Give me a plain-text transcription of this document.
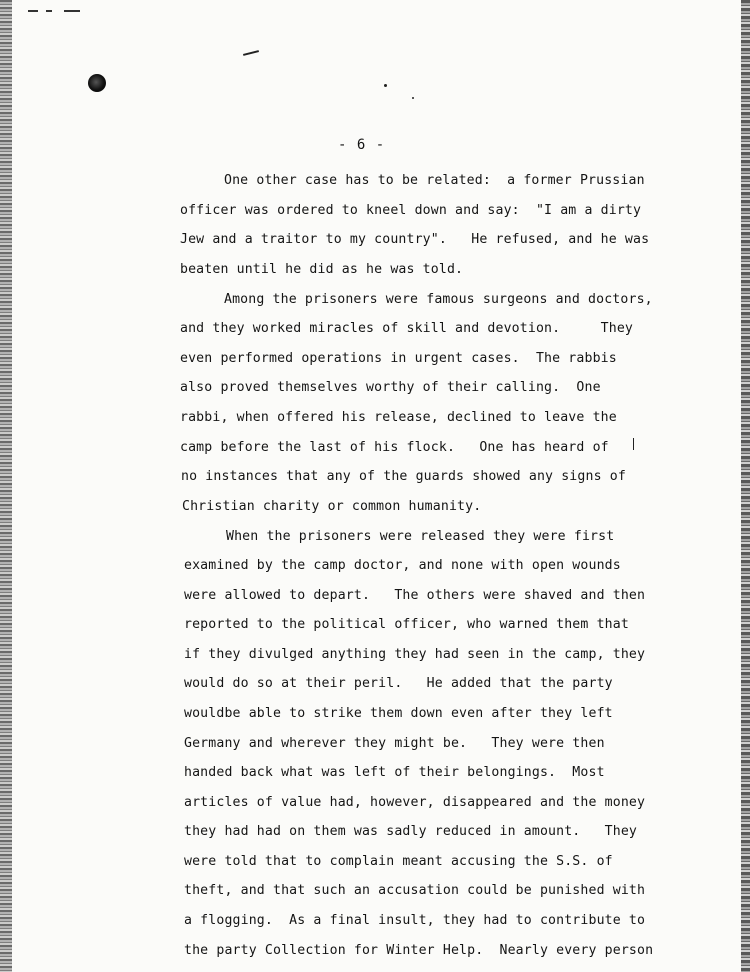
- 6 -
One other case has to be related:  a former Prussian
officer was ordered to kneel down and say:  "I am a dirty
Jew and a traitor to my country".   He refused, and he was
beaten until he did as he was told.
Among the prisoners were famous surgeons and doctors,
and they worked miracles of skill and devotion.     They
even performed operations in urgent cases.  The rabbis
also proved themselves worthy of their calling.  One
rabbi, when offered his release, declined to leave the
camp before the last of his flock.   One has heard of
no instances that any of the guards showed any signs of
Christian charity or common humanity.
When the prisoners were released they were first
examined by the camp doctor, and none with open wounds
were allowed to depart.   The others were shaved and then
reported to the political officer, who warned them that
if they divulged anything they had seen in the camp, they
would do so at their peril.   He added that the party
wouldbe able to strike them down even after they left
Germany and wherever they might be.   They were then
handed back what was left of their belongings.  Most
articles of value had, however, disappeared and the money
they had had on them was sadly reduced in amount.   They
were told that to complain meant accusing the S.S. of
theft, and that such an accusation could be punished with
a flogging.  As a final insult, they had to contribute to
the party Collection for Winter Help.  Nearly every person
